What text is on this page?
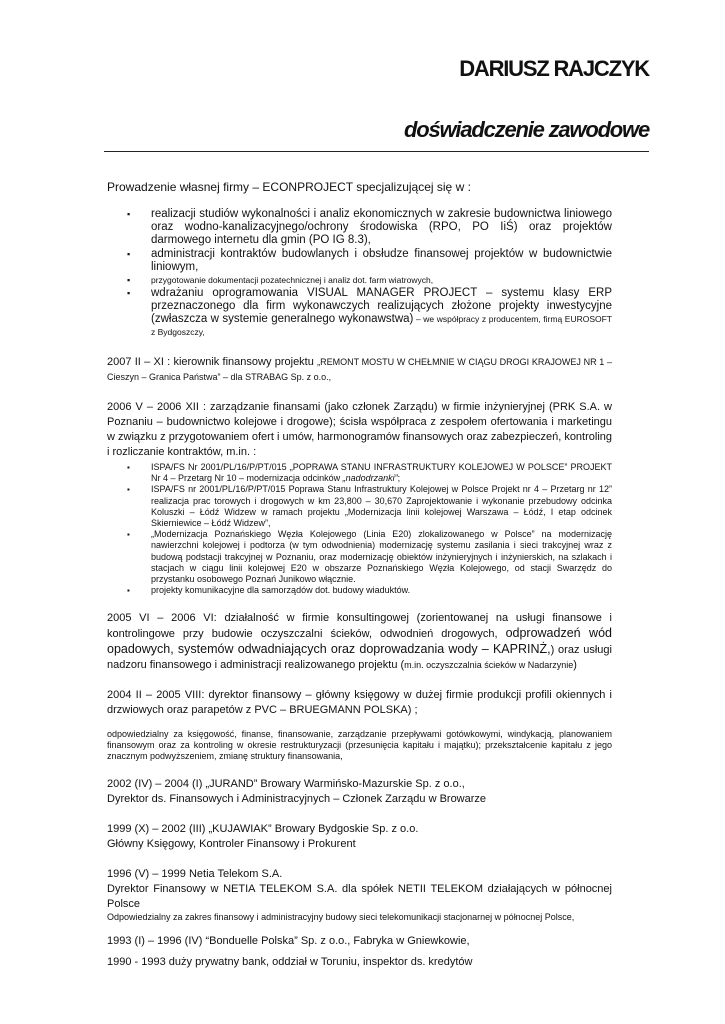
DARIUSZ RAJCZYK
doświadczenie zawodowe

Prowadzenie własnej firmy – ECONPROJECT specjalizującej się w :

▪ realizacji studiów wykonalności i analiz ekonomicznych w zakresie budownictwa liniowego oraz wodno-kanalizacyjnego/ochrony środowiska (RPO, PO IiŚ) oraz projektów darmowego internetu dla gmin (PO IG 8.3),
▪ administracji kontraktów budowlanych i obsłudze finansowej projektów w budownictwie liniowym,
▪ przygotowanie dokumentacji pozatechnicznej i analiz dot. farm wiatrowych,
▪ wdrażaniu oprogramowania VISUAL MANAGER PROJECT – systemu klasy ERP przeznaczonego dla firm wykonawczych realizujących złożone projekty inwestycyjne (zwłaszcza w systemie generalnego wykonawstwa) – we współpracy z producentem, firmą EUROSOFT z Bydgoszczy,

2007 II – XI : kierownik finansowy projektu „REMONT MOSTU W CHEŁMNIE W CIĄGU DROGI KRAJOWEJ NR 1 – Cieszyn – Granica Państwa” – dla STRABAG Sp. z o.o.,

2006 V – 2006 XII : zarządzanie finansami (jako członek Zarządu) w firmie inżynieryjnej (PRK S.A. w Poznaniu – budownictwo kolejowe i drogowe); ścisła współpraca z zespołem ofertowania i marketingu w związku z przygotowaniem ofert i umów, harmonogramów finansowych oraz zabezpieczeń, kontroling i rozliczanie kontraktów, m.in. :

▪ ISPA/FS Nr 2001/PL/16/P/PT/015 „POPRAWA STANU INFRASTRUKTURY KOLEJOWEJ W POLSCE” PROJEKT Nr 4 – Przetarg Nr 10 – modernizacja odcinków „nadodrzanki”;
▪ ISPA/FS nr 2001/PL/16/P/PT/015 Poprawa Stanu Infrastruktury Kolejowej w Polsce Projekt nr 4 – Przetarg nr 12” realizacja prac torowych i drogowych w km 23,800 – 30,670 Zaprojektowanie i wykonanie przebudowy odcinka Koluszki – Łódź Widzew w ramach projektu „Modernizacja linii kolejowej Warszawa – Łódź, I etap odcinek Skierniewice – Łódź Widzew”,
▪ „Modernizacja Poznańskiego Węzła Kolejowego (Linia E20) zlokalizowanego w Polsce” na modernizację nawierzchni kolejowej i podtorza (w tym odwodnienia) modernizację systemu zasilania i sieci trakcyjnej wraz z budową podstacji trakcyjnej w Poznaniu, oraz modernizację obiektów inżynieryjnych i inżynierskich, na szlakach i stacjach w ciągu linii kolejowej E20 w obszarze Poznańskiego Węzła Kolejowego, od stacji Swarzędz do przystanku osobowego Poznań Junikowo włącznie.
▪ projekty komunikacyjne dla samorządów dot. budowy wiaduktów.

2005 VI – 2006 VI: działalność w firmie konsultingowej (zorientowanej na usługi finansowe i kontrolingowe przy budowie oczyszczalni ścieków, odwodnień drogowych, odprowadzeń wód opadowych, systemów odwadniających oraz doprowadzania wody – KAPRINŻ,) oraz usługi nadzoru finansowego i administracji realizowanego projektu (m.in. oczyszczalnia ścieków w Nadarzynie)

2004 II – 2005 VIII: dyrektor finansowy – główny księgowy w dużej firmie produkcji profili okiennych i drzwiowych oraz parapetów z PVC – BRUEGMANN POLSKA) ;

odpowiedzialny za księgowość, finanse, finansowanie, zarządzanie przepływami gotówkowymi, windykacją, planowaniem finansowym oraz za kontroling w okresie restrukturyzacji (przesunięcia kapitału i majątku); przekształcenie kapitału z jego znacznym podwyższeniem, zmianę struktury finansowania,

2002 (IV) – 2004 (I) „JURAND” Browary Warmińsko-Mazurskie Sp. z o.o.,

Dyrektor ds. Finansowych i Administracyjnych – Członek Zarządu w Browarze

1999 (X) – 2002 (III) „KUJAWIAK” Browary Bydgoskie Sp. z o.o.

Główny Księgowy, Kontroler Finansowy i Prokurent

1996 (V) – 1999 Netia Telekom S.A.

Dyrektor Finansowy w NETIA TELEKOM S.A. dla spółek NETII TELEKOM działających w północnej Polsce

Odpowiedzialny za zakres finansowy i administracyjny budowy sieci telekomunikacji stacjonarnej w północnej Polsce,

1993 (I) – 1996 (IV) “Bonduelle Polska” Sp. z o.o., Fabryka w Gniewkowie,

1990 - 1993 duży prywatny bank, oddział w Toruniu, inspektor ds. kredytów
